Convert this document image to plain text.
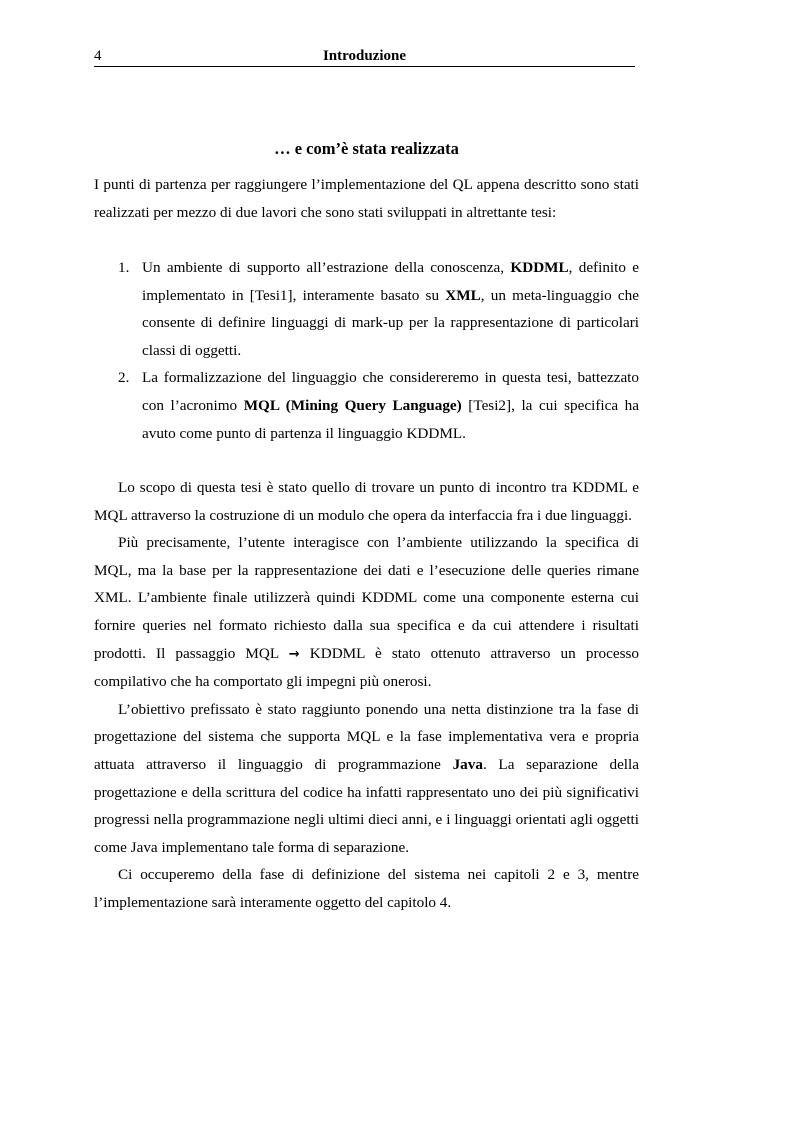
4	Introduzione
… e com’è stata realizzata

I punti di partenza per raggiungere l’implementazione del QL appena descritto sono stati realizzati per mezzo di due lavori che sono stati sviluppati in altrettante tesi:

1. Un ambiente di supporto all’estrazione della conoscenza, KDDML, definito e implementato in [Tesi1], interamente basato su XML, un meta-linguaggio che consente di definire linguaggi di mark-up per la rappresentazione di particolari classi di oggetti.
2. La formalizzazione del linguaggio che considereremo in questa tesi, battezzato con l’acronimo MQL (Mining Query Language) [Tesi2], la cui specifica ha avuto come punto di partenza il linguaggio KDDML.

Lo scopo di questa tesi è stato quello di trovare un punto di incontro tra KDDML e MQL attraverso la costruzione di un modulo che opera da interfaccia fra i due linguaggi.

Più precisamente, l’utente interagisce con l’ambiente utilizzando la specifica di MQL, ma la base per la rappresentazione dei dati e l’esecuzione delle queries rimane XML. L’ambiente finale utilizzerà quindi KDDML come una componente esterna cui fornire queries nel formato richiesto dalla sua specifica e da cui attendere i risultati prodotti. Il passaggio MQL → KDDML è stato ottenuto attraverso un processo compilativo che ha comportato gli impegni più onerosi.

L’obiettivo prefissato è stato raggiunto ponendo una netta distinzione tra la fase di progettazione del sistema che supporta MQL e la fase implementativa vera e propria attuata attraverso il linguaggio di programmazione Java. La separazione della progettazione e della scrittura del codice ha infatti rappresentato uno dei più significativi progressi nella programmazione negli ultimi dieci anni, e i linguaggi orientati agli oggetti come Java implementano tale forma di separazione.

Ci occuperemo della fase di definizione del sistema nei capitoli 2 e 3, mentre l’implementazione sarà interamente oggetto del capitolo 4.
